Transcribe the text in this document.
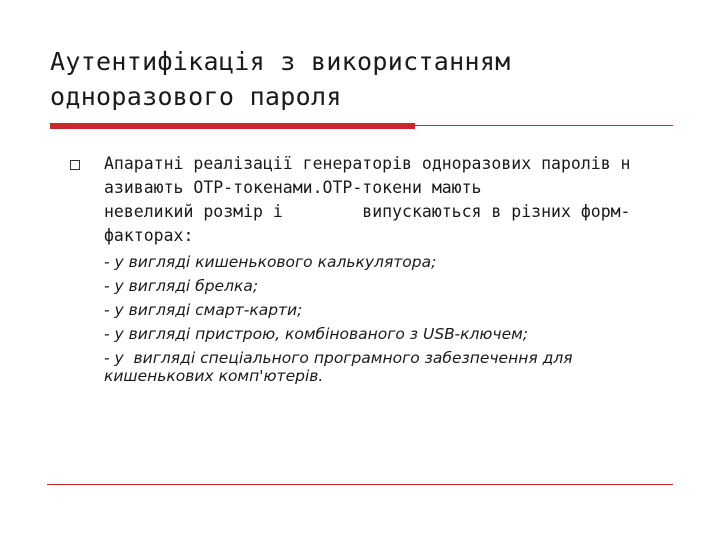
Аутентифікація з використанням
одноразового пароля

Апаратні реалізації генераторів одноразових паролів н
азивають OTP-токенами.OTP-токени мають
невеликий розмір і        випускаються в різних форм-
факторах:

- у вигляді кишенькового калькулятора;
- у вигляді брелка;
- у вигляді смарт-карти;
- у вигляді пристрою, комбінованого з USB-ключем;
- у  вигляді спеціального програмного забезпечення для
кишенькових комп'ютерів.
